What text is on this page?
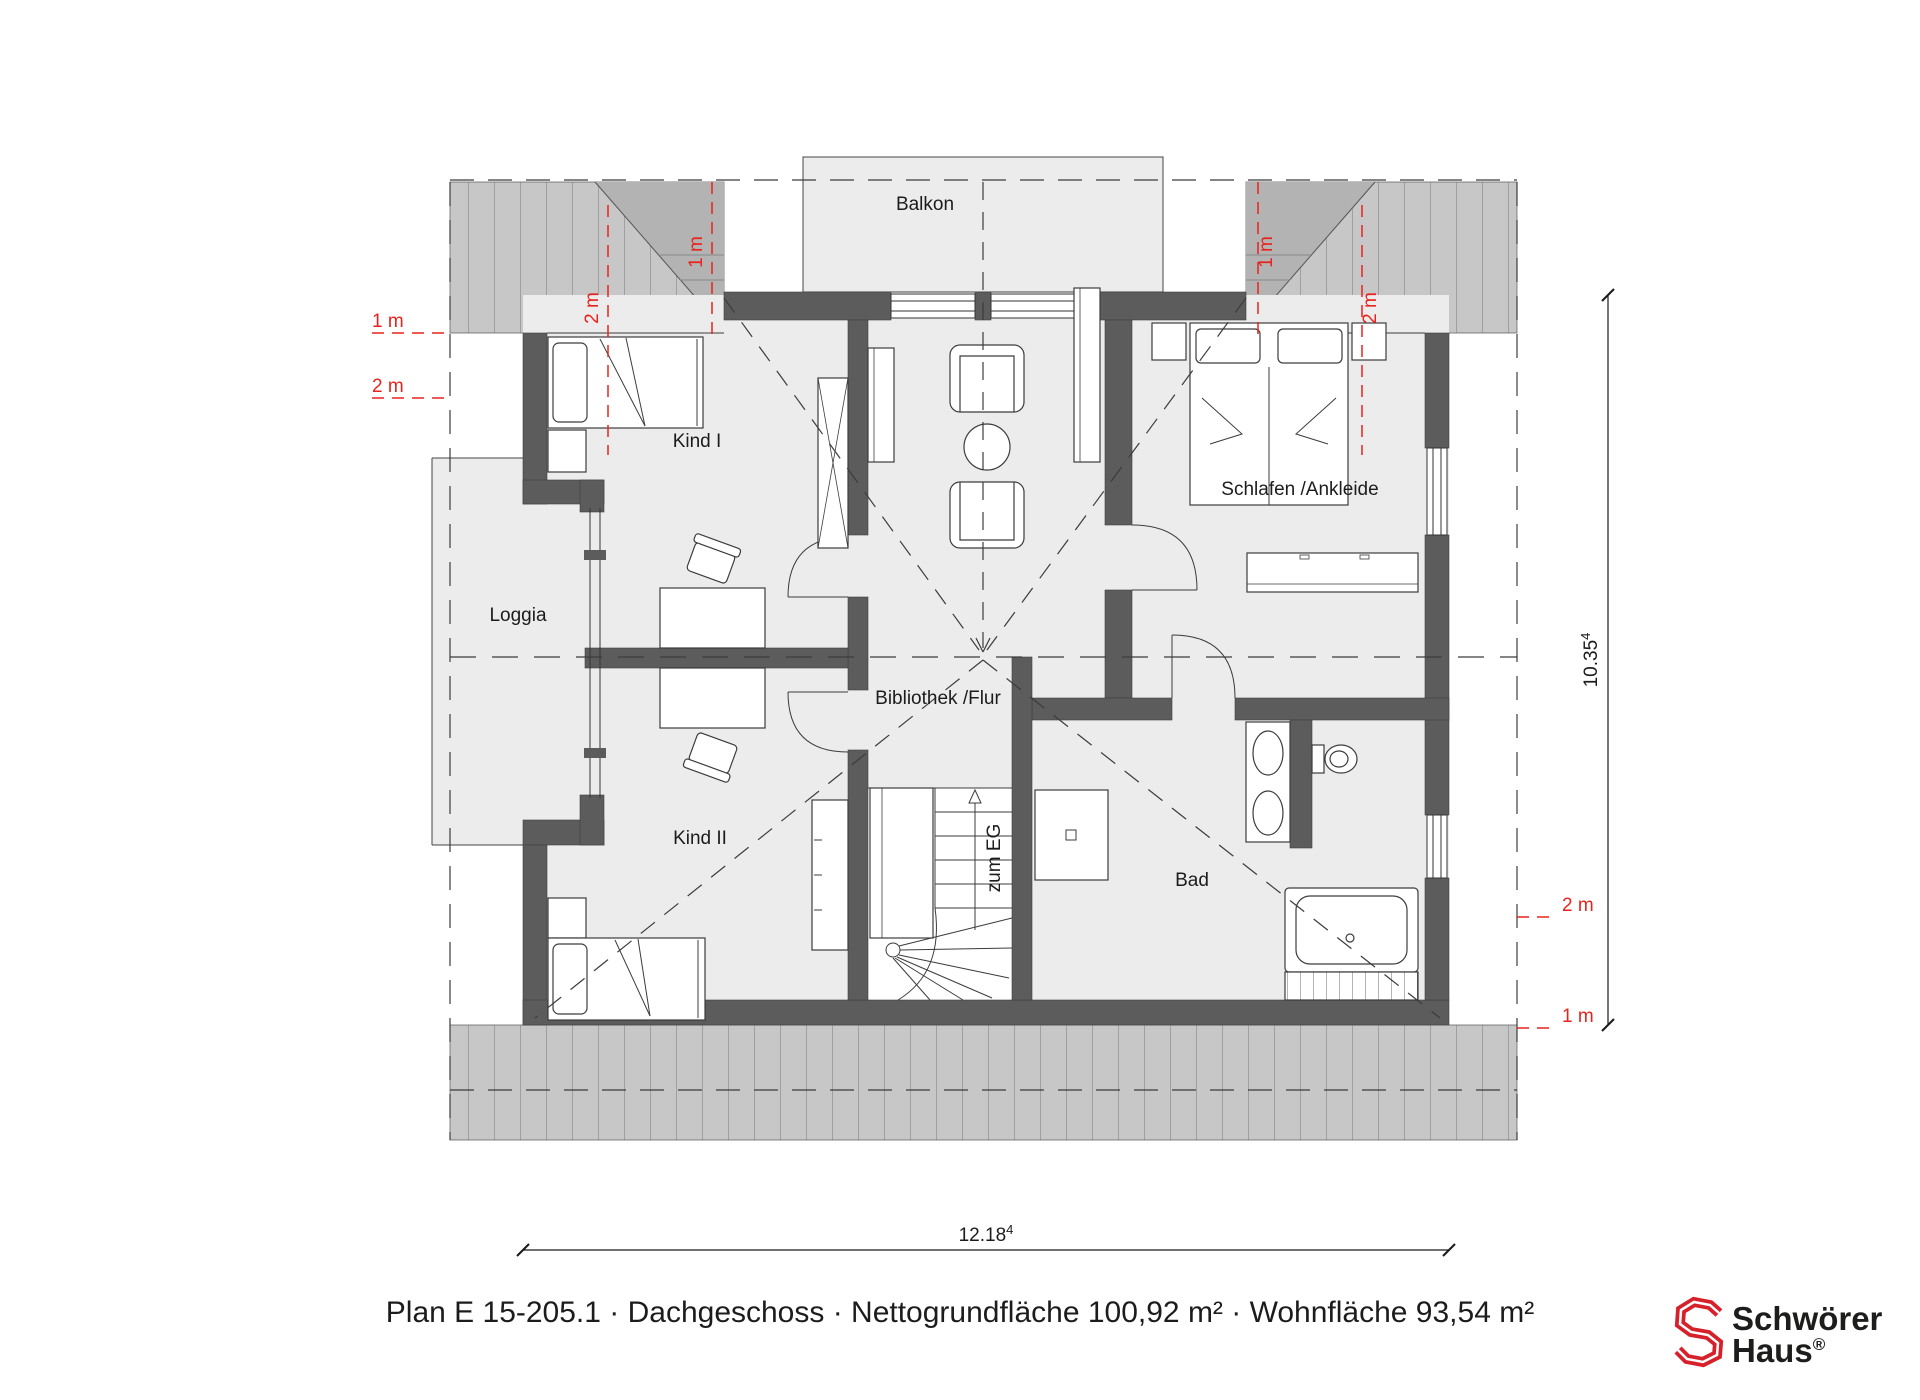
1 m
2 m
2 m
1 m
1 m
2 m
1 m
2 m
Balkon
Kind I
Schlafen /Ankleide
Loggia
Bibliothek /Flur
Kind II
Bad
zum EG
12.18$^4$
10.35$^4$
Plan E 15-205.1 · Dachgeschoss · Nettogrundfläche 100,92 m² · Wohnfläche 93,54 m²	Schwörer
Haus®
